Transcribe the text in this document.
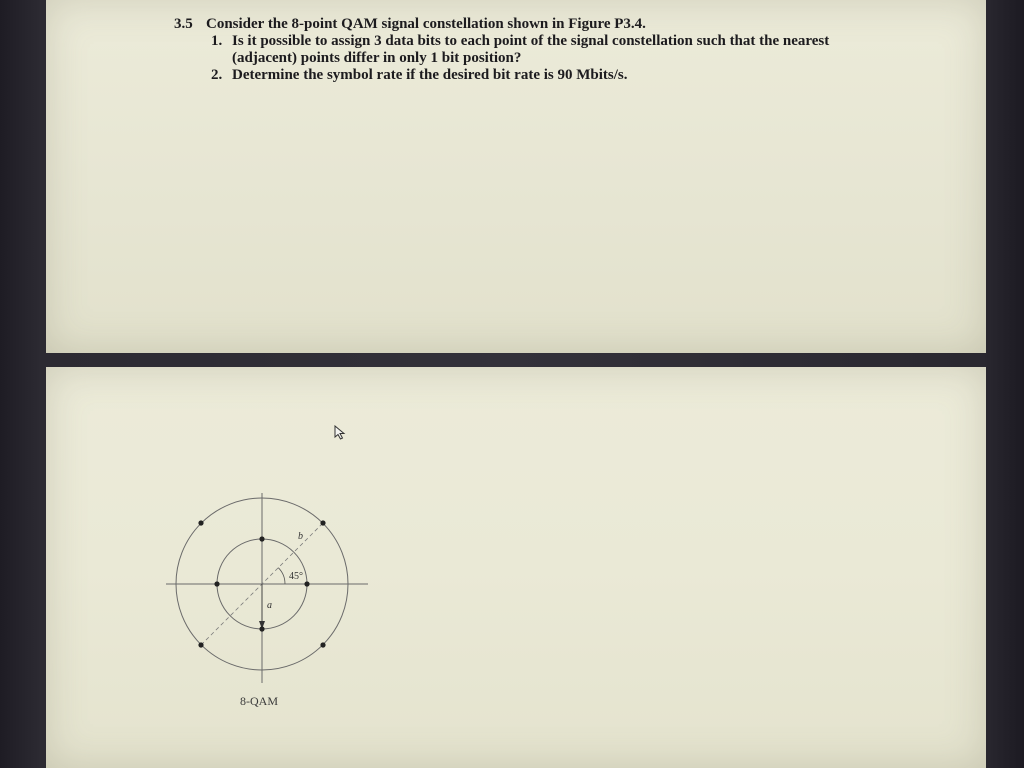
3.5 Consider the 8-point QAM signal constellation shown in Figure P3.4.
1. Is it possible to assign 3 data bits to each point of the signal constellation such that the nearest (adjacent) points differ in only 1 bit position?
2. Determine the symbol rate if the desired bit rate is 90 Mbits/s.
45°
b
a
8-QAM
